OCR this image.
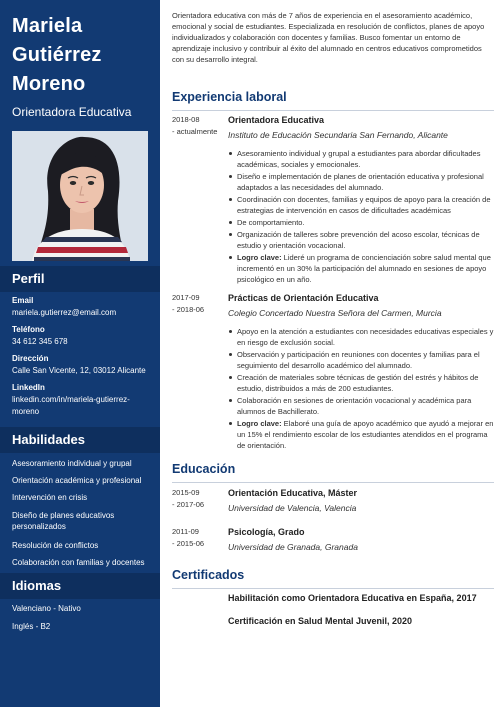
Mariela
Gutiérrez
Moreno
Orientadora Educativa
Perfil
Email
mariela.gutierrez@email.com
Teléfono
34 612 345 678
Dirección
Calle San Vicente, 12, 03012 Alicante
LinkedIn
linkedin.com/in/mariela-gutierrez-moreno
Habilidades
Asesoramiento individual y grupal
Orientación académica y profesional
Intervención en crisis
Diseño de planes educativos personalizados
Resolución de conflictos
Colaboración con familias y docentes
Idiomas
Valenciano - Nativo
Inglés - B2

Orientadora educativa con más de 7 años de experiencia en el asesoramiento académico, emocional y social de estudiantes. Especializada en resolución de conflictos, planes de apoyo individualizados y colaboración con docentes y familias. Busco fomentar un entorno de aprendizaje inclusivo y contribuir al éxito del alumnado en centros educativos comprometidos con su desarrollo integral.

Experiencia laboral
2018-08
- actualmente
Orientadora Educativa
Instituto de Educación Secundaria San Fernando, Alicante
Asesoramiento individual y grupal a estudiantes para abordar dificultades académicas, sociales y emocionales.
Diseño e implementación de planes de orientación educativa y profesional adaptados a las necesidades del alumnado.
Coordinación con docentes, familias y equipos de apoyo para la creación de estrategias de intervención en casos de dificultades académicas
De comportamiento.
Organización de talleres sobre prevención del acoso escolar, técnicas de estudio y orientación vocacional.
Logro clave: Lideré un programa de concienciación sobre salud mental que incrementó en un 30% la participación del alumnado en sesiones de apoyo psicológico en un año.
2017-09
- 2018-06
Prácticas de Orientación Educativa
Colegio Concertado Nuestra Señora del Carmen, Murcia
Apoyo en la atención a estudiantes con necesidades educativas especiales y en riesgo de exclusión social.
Observación y participación en reuniones con docentes y familias para el seguimiento del desarrollo académico del alumnado.
Creación de materiales sobre técnicas de gestión del estrés y hábitos de estudio, distribuidos a más de 200 estudiantes.
Colaboración en sesiones de orientación vocacional y académica para alumnos de Bachillerato.
Logro clave: Elaboré una guía de apoyo académico que ayudó a mejorar en un 15% el rendimiento escolar de los estudiantes atendidos en el programa de orientación.
Educación
2015-09
- 2017-06
Orientación Educativa, Máster
Universidad de Valencia, Valencia
2011-09
- 2015-06
Psicología, Grado
Universidad de Granada, Granada
Certificados
Habilitación como Orientadora Educativa en España, 2017
Certificación en Salud Mental Juvenil, 2020
